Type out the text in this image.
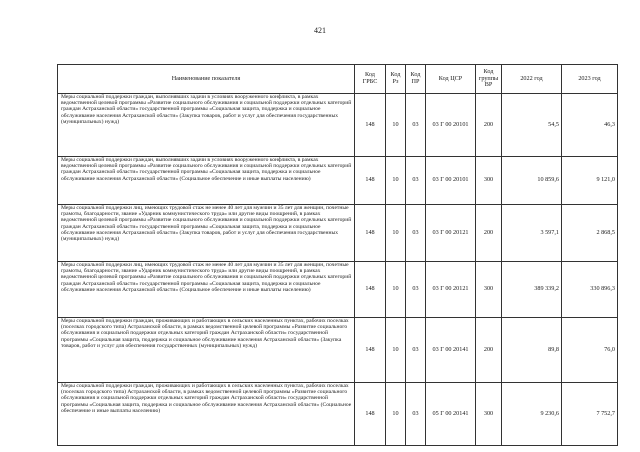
421
Наименование показателя	Код ГРБС	Код Рз	Код ПР	Код ЦСР	Код группы ВР	2022 год	2023 год
Меры социальной поддержки граждан, выполнявших задачи в условиях вооруженного конфликта, в рамках ведомственной целевой программы «Развитие социального обслуживания и социальной поддержки отдельных категорий граждан Астраханской области» государственной программы «Социальная защита, поддержка и социальное обслуживание населения Астраханской области» (Закупка товаров, работ и услуг для обеспечения государственных (муниципальных) нужд)	148	10	03	03 Г 00 20101	200	54,5	46,3
Меры социальной поддержки граждан, выполнявших задачи в условиях вооруженного конфликта, в рамках ведомственной целевой программы «Развитие социального обслуживания и социальной поддержки отдельных категорий граждан Астраханской области» государственной программы «Социальная защита, поддержка и социальное обслуживание населения Астраханской области» (Социальное обеспечение и иные выплаты населению)	148	10	03	03 Г 00 20101	300	10 859,6	9 121,0
Меры социальной поддержки лиц, имеющих трудовой стаж не менее 40 лет для мужчин и 35 лет для женщин, почетные грамоты, благодарности, звание «Ударник коммунистического труда» или другие виды поощрений, в рамках ведомственной целевой программы «Развитие социального обслуживания и социальной поддержки отдельных категорий граждан Астраханской области» государственной программы «Социальная защита, поддержка и социальное обслуживание населения Астраханской области» (Закупка товаров, работ и услуг для обеспечения государственных (муниципальных) нужд)	148	10	03	03 Г 00 20121	200	3 597,1	2 868,5
Меры социальной поддержки лиц, имеющих трудовой стаж не менее 40 лет для мужчин и 35 лет для женщин, почетные грамоты, благодарности, звание «Ударник коммунистического труда» или другие виды поощрений, в рамках ведомственной целевой программы «Развитие социального обслуживания и социальной поддержки отдельных категорий граждан Астраханской области» государственной программы «Социальная защита, поддержка и социальное обслуживание населения Астраханской области» (Социальное обеспечение и иные выплаты населению)	148	10	03	03 Г 00 20121	300	389 339,2	330 896,3
Меры социальной поддержки граждан, проживающих и работающих в сельских населенных пунктах, рабочих поселках (поселках городского типа) Астраханской области, в рамках ведомственной целевой программы «Развитие социального обслуживания и социальной поддержки отдельных категорий граждан Астраханской области» государственной программы «Социальная защита, поддержка и социальное обслуживание населения Астраханской области» (Закупка товаров, работ и услуг для обеспечения государственных (муниципальных) нужд)	148	10	03	03 Г 00 20141	200	89,8	76,0
Меры социальной поддержки граждан, проживающих и работающих в сельских населенных пунктах, рабочих поселках (поселках городского типа) Астраханской области, в рамках ведомственной целевой программы «Развитие социального обслуживания и социальной поддержки отдельных категорий граждан Астраханской области» государственной программы «Социальная защита, поддержка и социальное обслуживание населения Астраханской области» (Социальное обеспечение и иные выплаты населению)	148	10	03	05 Г 00 20141	300	9 230,6	7 752,7
